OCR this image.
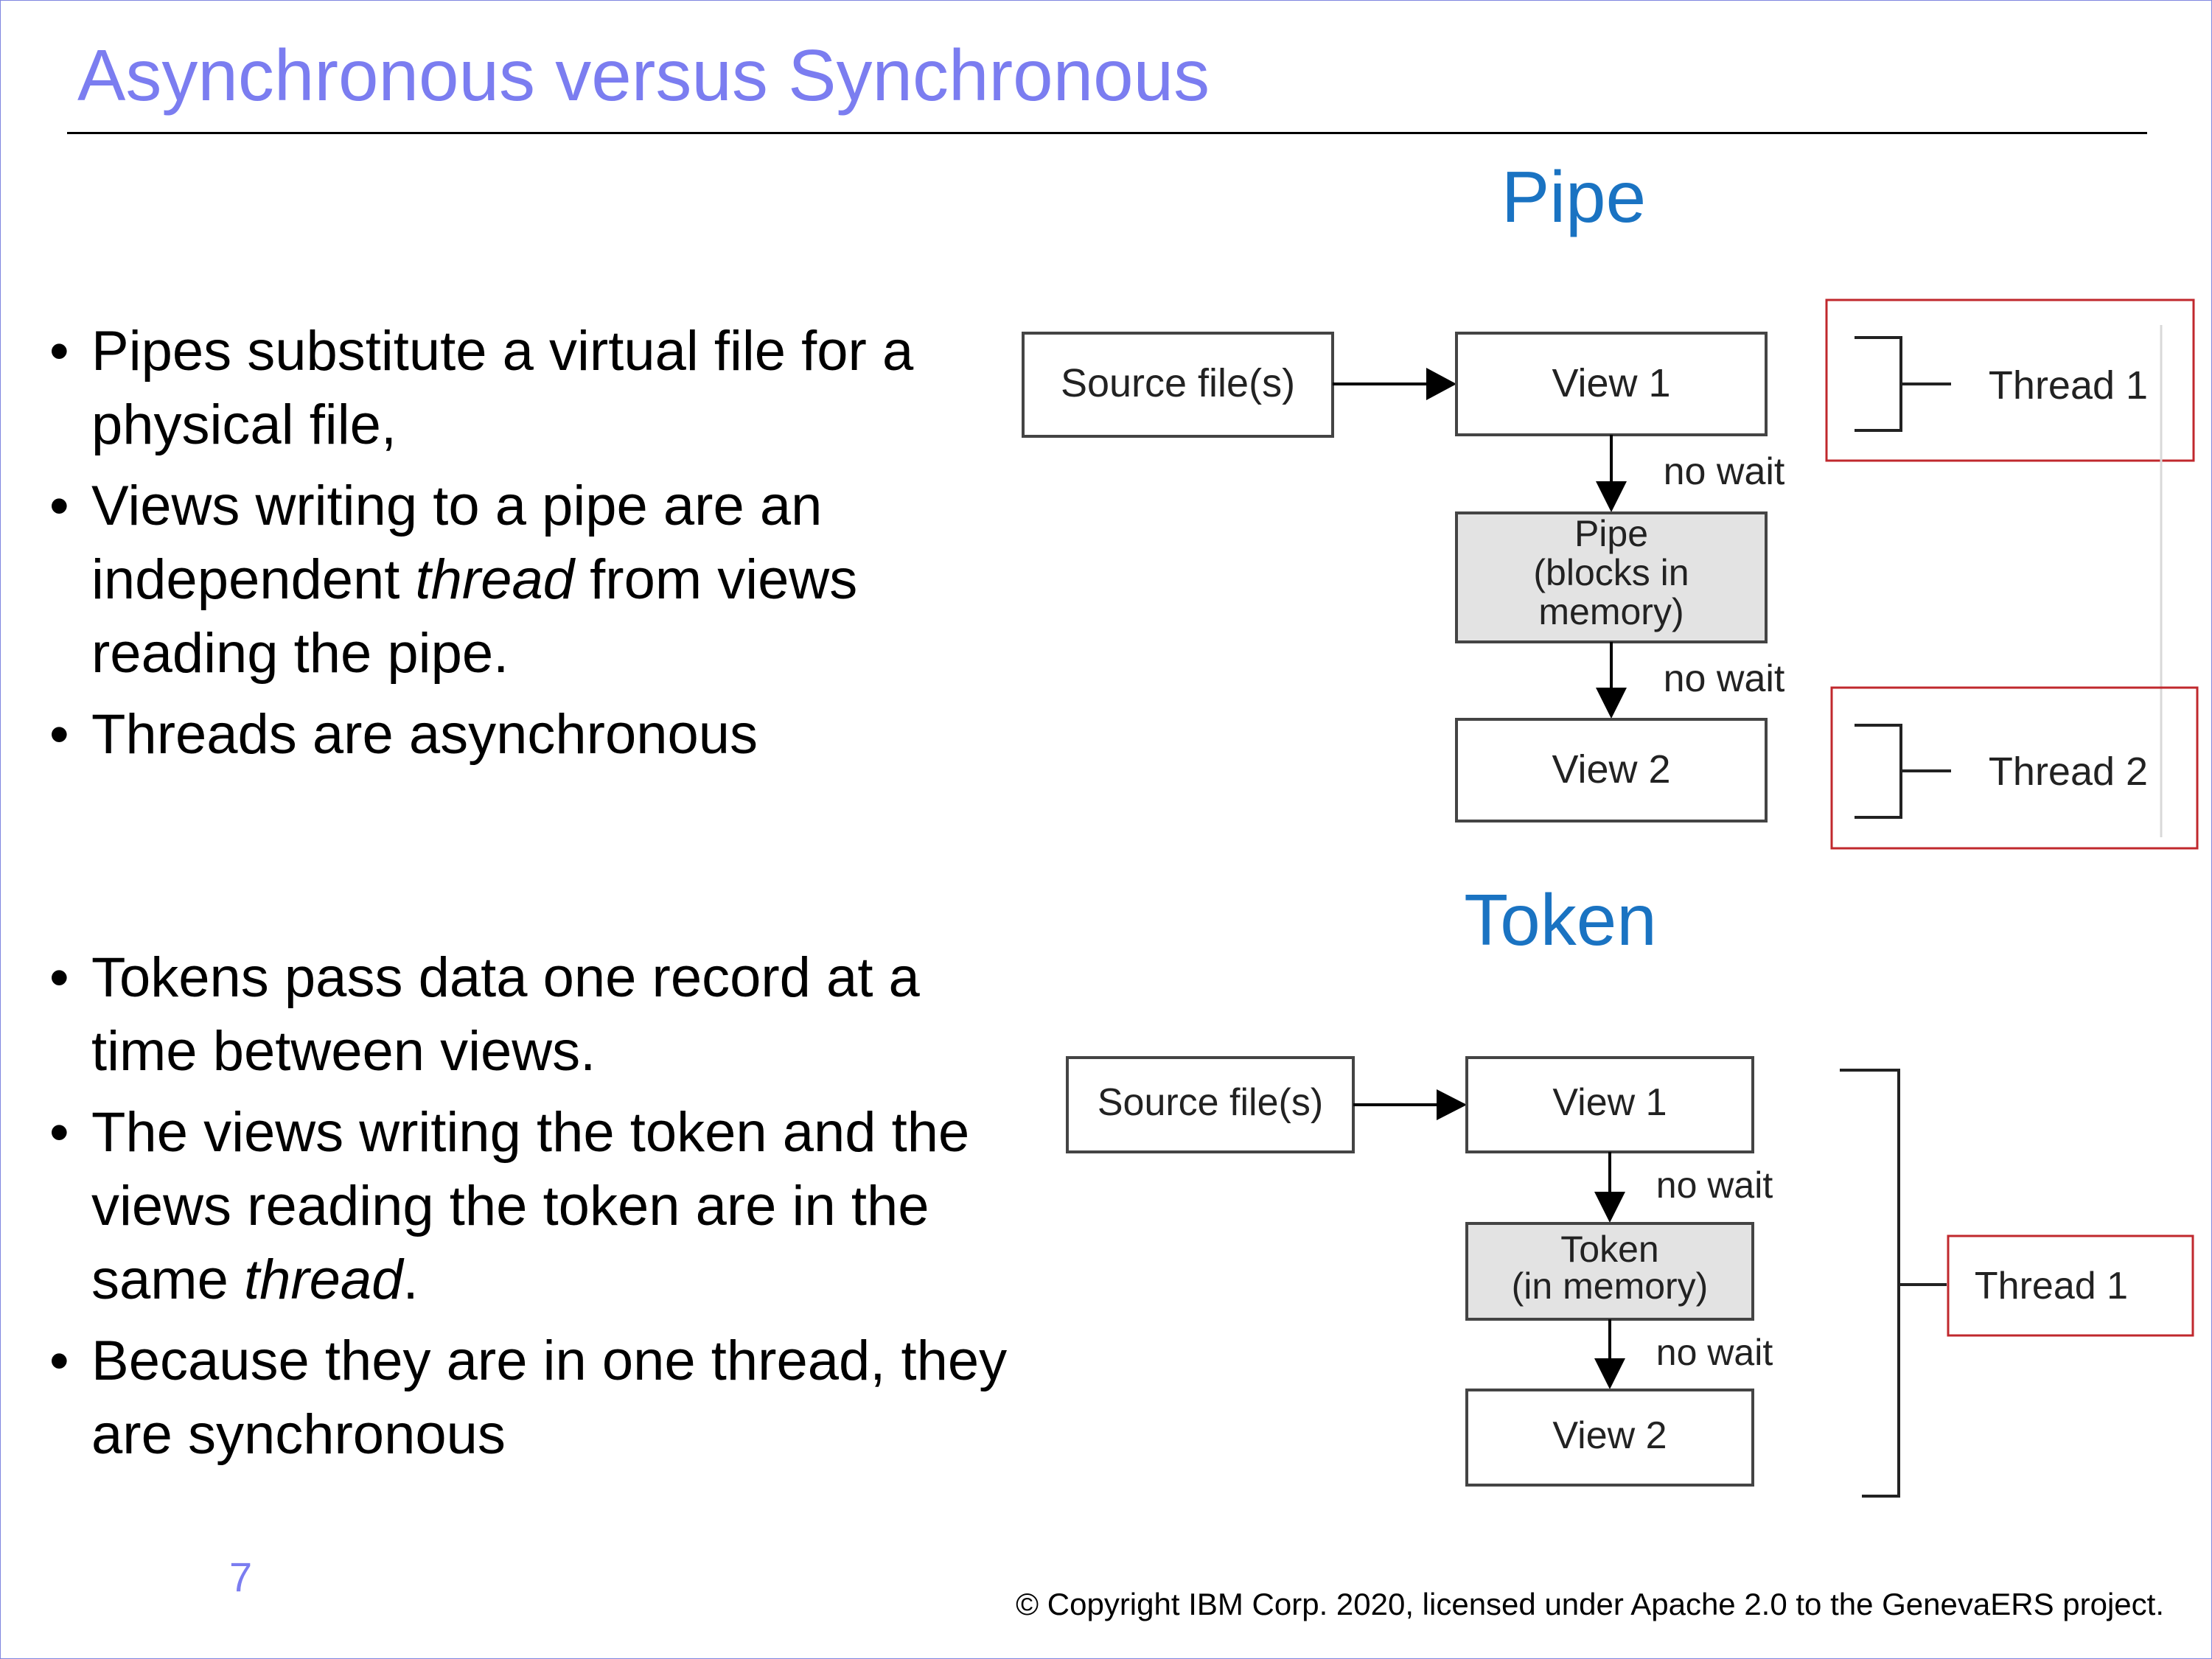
Asynchronous versus Synchronous
• Pipes substitute a virtual file for a physical file,
• Views writing to a pipe are an independent thread from views reading the pipe.
• Threads are asynchronous
• Tokens pass data one record at a time between views.
• The views writing the token and the views reading the token are in the same thread.
• Because they are in one thread, they are synchronous
Pipe
Source file(s)	View 1
no wait
Pipe
(blocks in
memory)
no wait
View 2
Thread 1
Thread 2
Token
Source file(s)	View 1
no wait
Token
(in memory)
no wait
View 2
Thread 1
7
© Copyright IBM Corp. 2020, licensed under Apache 2.0 to the GenevaERS project.
